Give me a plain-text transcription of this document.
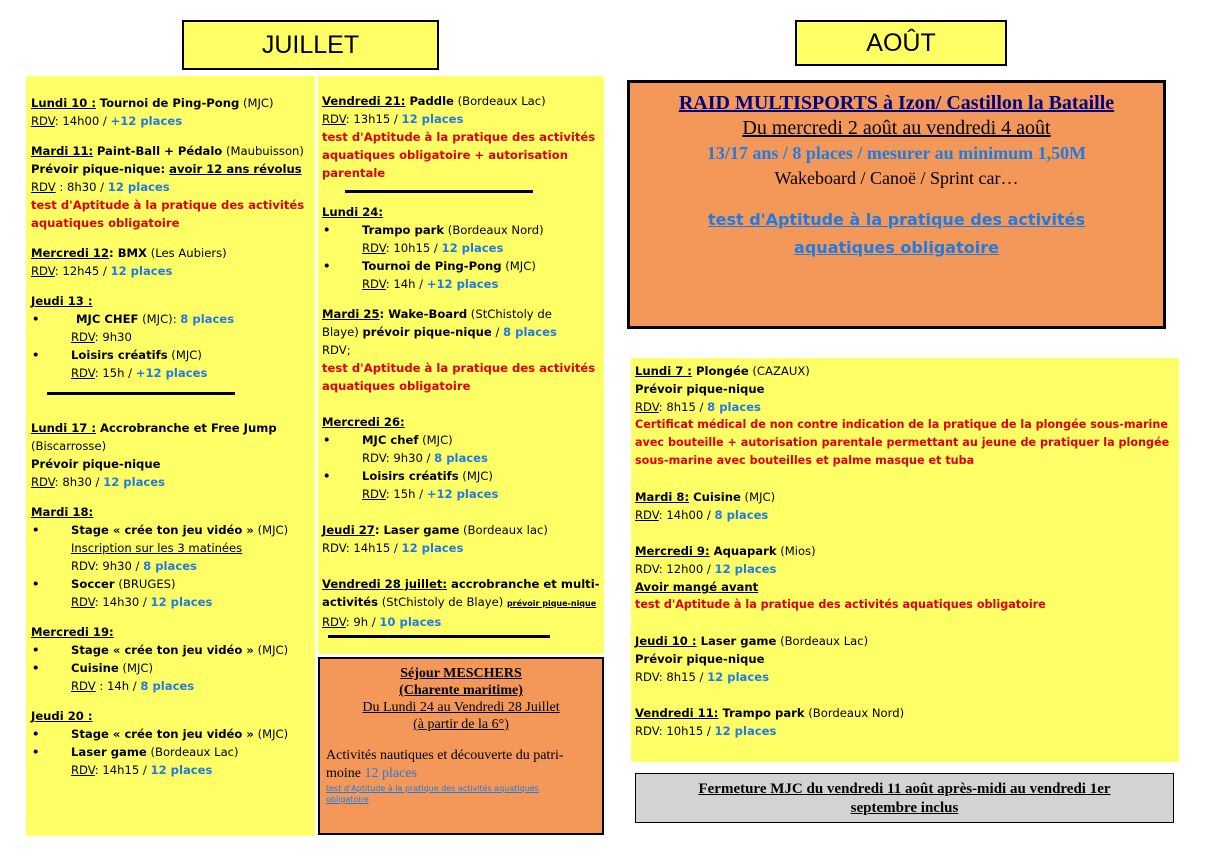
JUILLET	AOÛT
Lundi 10 : Tournoi de Ping-Pong (MJC)
RDV: 14h00 / +12 places
Mardi 11: Paint-Ball + Pédalo (Maubuisson)
Prévoir pique-nique: avoir 12 ans révolus
RDV : 8h30 / 12 places
test d'Aptitude à la pratique des activités
aquatiques obligatoire
Mercredi 12: BMX (Les Aubiers)
RDV: 12h45 / 12 places
Jeudi 13 :
•	MJC CHEF (MJC): 8 places
RDV: 9h30
•	Loisirs créatifs (MJC)
RDV: 15h / +12 places
Lundi 17 : Accrobranche et Free Jump
(Biscarrosse)
Prévoir pique-nique
RDV: 8h30 / 12 places
Mardi 18:
•	Stage « crée ton jeu vidéo » (MJC)
Inscription sur les 3 matinées
RDV: 9h30 / 8 places
•	Soccer (BRUGES)
RDV: 14h30 / 12 places
Mercredi 19:
•	Stage « crée ton jeu vidéo » (MJC)
•	Cuisine (MJC)
RDV : 14h / 8 places
Jeudi 20 :
•	Stage « crée ton jeu vidéo » (MJC)
•	Laser game (Bordeaux Lac)
RDV: 14h15 / 12 places
Vendredi 21: Paddle (Bordeaux Lac)
RDV: 13h15 / 12 places
test d'Aptitude à la pratique des activités
aquatiques obligatoire + autorisation
parentale
Lundi 24:
•	Trampo park (Bordeaux Nord)
RDV: 10h15 / 12 places
•	Tournoi de Ping-Pong (MJC)
RDV: 14h / +12 places
Mardi 25: Wake-Board (StChistoly de
Blaye) prévoir pique-nique / 8 places
RDV;
test d'Aptitude à la pratique des activités
aquatiques obligatoire
Mercredi 26:
•	MJC chef (MJC)
RDV: 9h30 / 8 places
•	Loisirs créatifs (MJC)
RDV: 15h / +12 places
Jeudi 27: Laser game (Bordeaux lac)
RDV: 14h15 / 12 places
Vendredi 28 juillet: accrobranche et multi-
activités (StChistoly de Blaye) prévoir pique-nique
RDV: 9h / 10 places
Séjour MESCHERS
(Charente maritime)
Du Lundi 24 au Vendredi 28 Juillet
(à partir de la 6°)
Activités nautiques et découverte du patri-
moine 12 places
test d'Aptitude à la pratique des activités aquatiques
obligatoire
RAID MULTISPORTS à Izon/ Castillon la Bataille
Du mercredi 2 août au vendredi 4 août
13/17 ans / 8 places / mesurer au minimum 1,50M
Wakeboard / Canoë / Sprint car…
test d'Aptitude à la pratique des activités
aquatiques obligatoire
Lundi 7 : Plongée (CAZAUX)
Prévoir pique-nique
RDV: 8h15 / 8 places
Certificat médical de non contre indication de la pratique de la plongée sous-marine
avec bouteille + autorisation parentale permettant au jeune de pratiquer la plongée
sous-marine avec bouteilles et palme masque et tuba
Mardi 8: Cuisine (MJC)
RDV: 14h00 / 8 places
Mercredi 9: Aquapark (Mios)
RDV: 12h00 / 12 places
Avoir mangé avant
test d'Aptitude à la pratique des activités aquatiques obligatoire
Jeudi 10 : Laser game (Bordeaux Lac)
Prévoir pique-nique
RDV: 8h15 / 12 places
Vendredi 11: Trampo park (Bordeaux Nord)
RDV: 10h15 / 12 places
Fermeture MJC du vendredi 11 août après-midi au vendredi 1er
septembre inclus
